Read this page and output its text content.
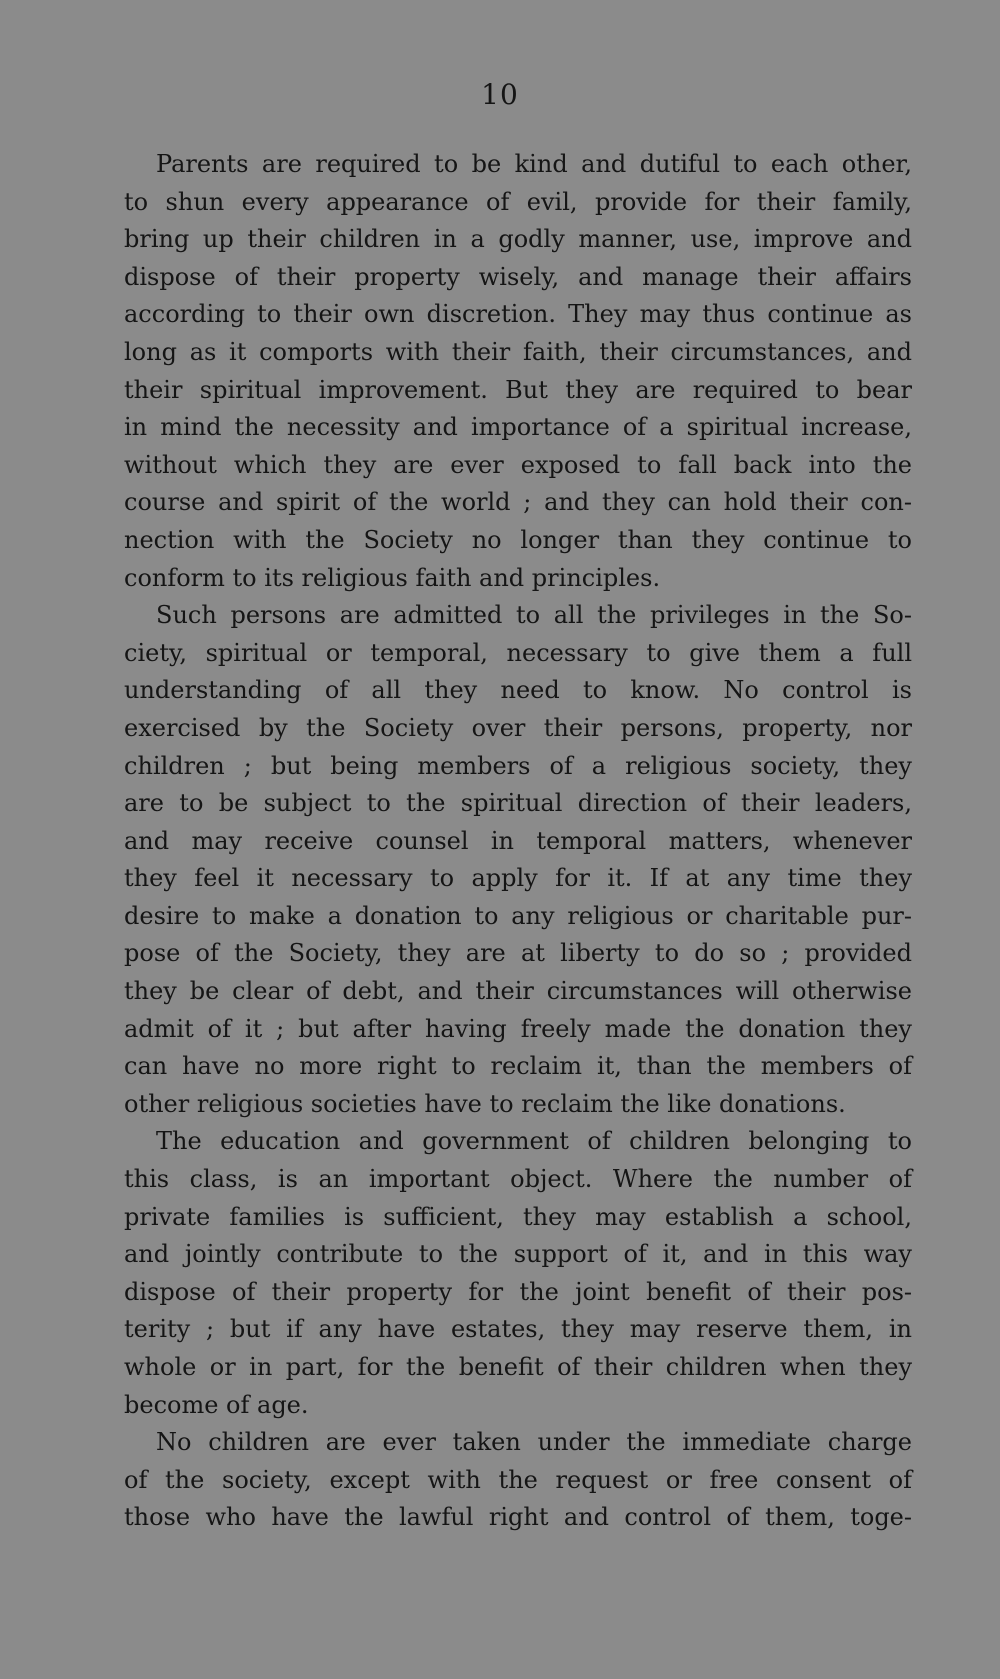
10
Parents are required to be kind and dutiful to each other,
to shun every appearance of evil, provide for their family,
bring up their children in a godly manner, use, improve and
dispose of their property wisely, and manage their affairs
according to their own discretion. They may thus continue as
long as it comports with their faith, their circumstances, and
their spiritual improvement. But they are required to bear
in mind the necessity and importance of a spiritual increase,
without which they are ever exposed to fall back into the
course and spirit of the world ; and they can hold their con-
nection with the Society no longer than they continue to
conform to its religious faith and principles.
Such persons are admitted to all the privileges in the So-
ciety, spiritual or temporal, necessary to give them a full
understanding of all they need to know. No control is
exercised by the Society over their persons, property, nor
children ; but being members of a religious society, they
are to be subject to the spiritual direction of their leaders,
and may receive counsel in temporal matters, whenever
they feel it necessary to apply for it. If at any time they
desire to make a donation to any religious or charitable pur-
pose of the Society, they are at liberty to do so ; provided
they be clear of debt, and their circumstances will otherwise
admit of it ; but after having freely made the donation they
can have no more right to reclaim it, than the members of
other religious societies have to reclaim the like donations.
The education and government of children belonging to
this class, is an important object. Where the number of
private families is sufficient, they may establish a school,
and jointly contribute to the support of it, and in this way
dispose of their property for the joint benefit of their pos-
terity ; but if any have estates, they may reserve them, in
whole or in part, for the benefit of their children when they
become of age.
No children are ever taken under the immediate charge
of the society, except with the request or free consent of
those who have the lawful right and control of them, toge-
